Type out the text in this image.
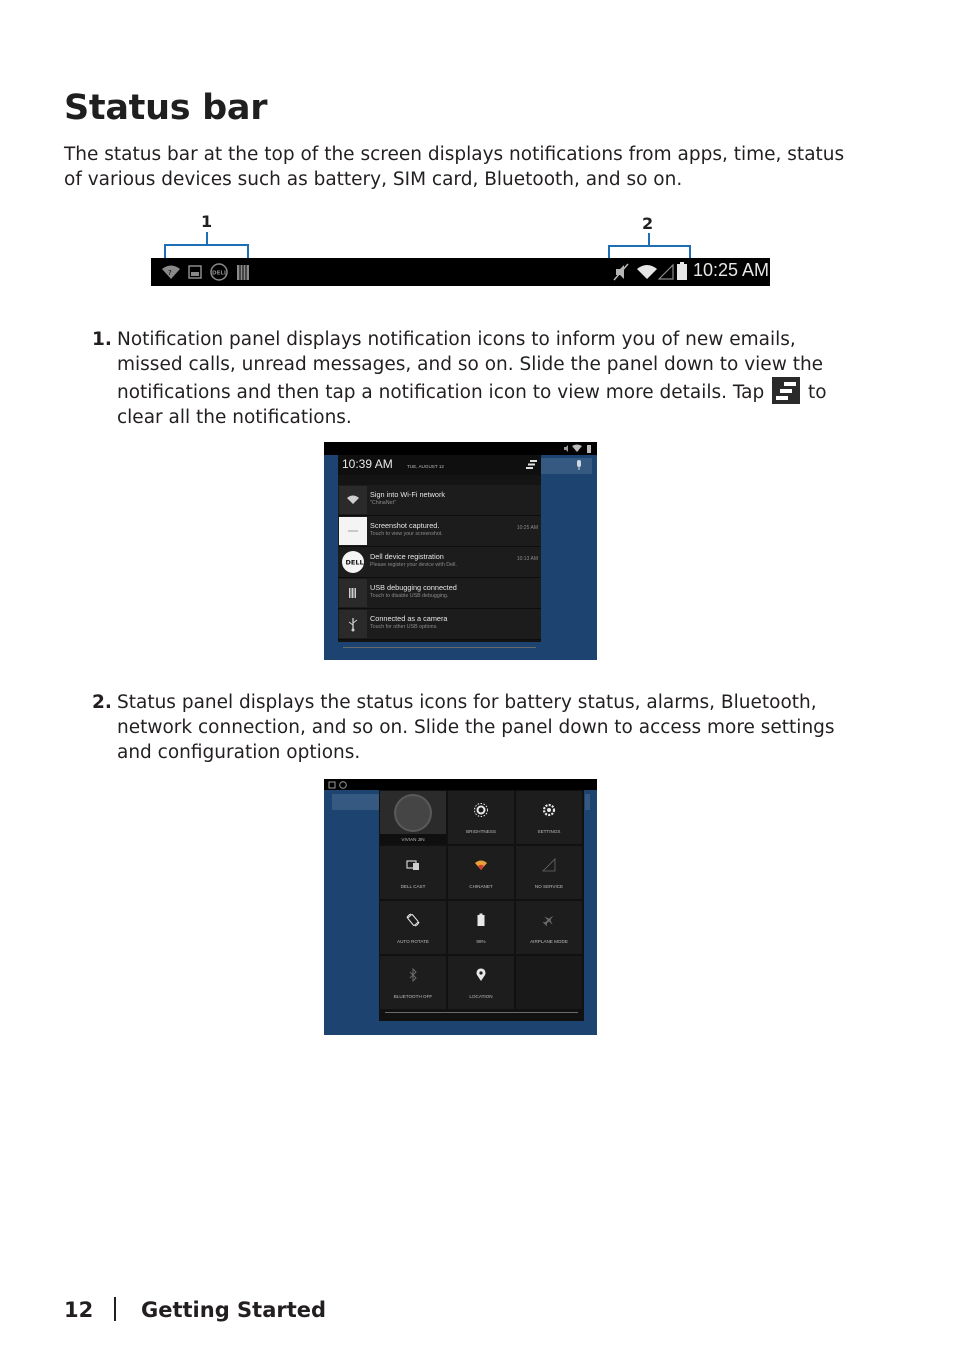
Status bar

The status bar at the top of the screen displays notifications from apps, time, status of various devices such as battery, SIM card, Bluetooth, and so on.

1	2
?	DELL	10:25 AM
1. Notification panel displays notification icons to inform you of new emails, missed calls, unread messages, and so on. Slide the panel down to view the notifications and then tap a notification icon to view more details. Tap to clear all the notifications.
10:39 AM	TUE, AUGUST 12
Sign into Wi-Fi network
"ChinaNet"
Screenshot captured.
Touch to view your screenshot.
10:25 AM
DELL
Dell device registration
Please register your device with Dell.
10:13 AM
USB debugging connected
Touch to disable USB debugging.
Connected as a camera
Touch for other USB options.
2. Status panel displays the status icons for battery status, alarms, Bluetooth, network connection, and so on. Slide the panel down to access more settings and configuration options.
VIVIAN JIN
BRIGHTNESS	SETTINGS
DELL CAST	CHINANET	NO SERVICE
AUTO ROTATE	98%	AIRPLANE MODE
BLUETOOTH OFF	LOCATION
12 Getting Started
